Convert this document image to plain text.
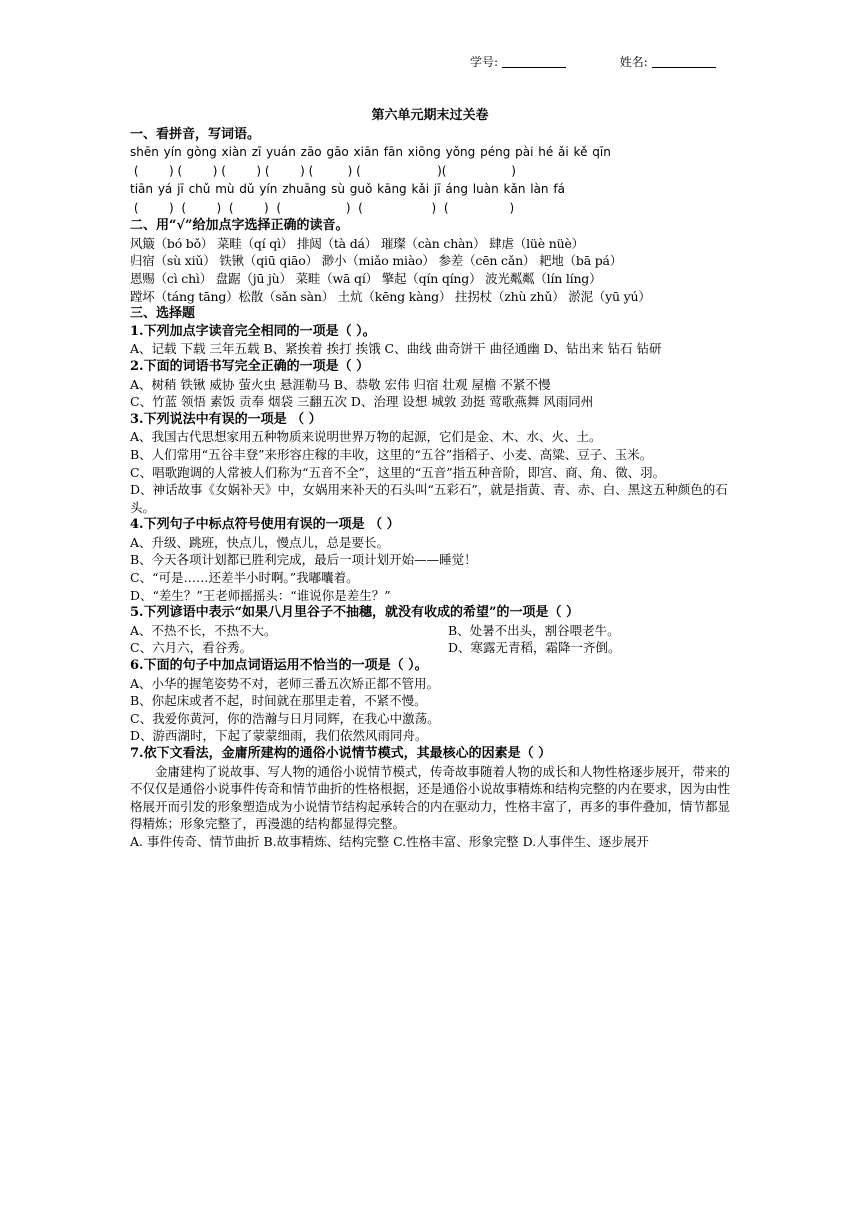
学号:	姓名:

第六单元期末过关卷

一、看拼音，写词语。

shēn yín gòng xiàn zī yuán zāo gāo xiān fān xiōng yǒng péng pài hé ǎi kě qīn

(        ) (        ) (        ) (        ) (         ) (                    )(                 )

tiān yá jī chǔ mù dǔ yín zhuāng sù guǒ kāng kǎi jī áng luàn kǎn làn fá

(        )  (        )  (        )  (                 )  (                  )  (                )

二、用“√”给加点字选择正确的读音。

风簸（bó bǒ） 菜畦（qí qì） 排闼（tà dá） 璀璨（càn chàn） 肆虐（lüè nüè）

归宿（sù xiǔ） 铁锹（qiū qiāo） 渺小（miǎo miào） 参差（cēn cǎn） 耙地（bā pá）

恩赐（cì chì） 盘踞（jū jù） 菜畦（wā qí） 擎起（qín qíng） 波光粼粼（lín líng）

蹚坏（táng tāng）松散（sǎn sàn） 土炕（kēng kàng） 拄拐杖（zhù zhǔ） 淤泥（yū yú）

三、选择题

1.下列加点字读音完全相同的一项是（ ）。

A、记载 下载 三年五载 B、紧挨着 挨打 挨饿 C、曲线 曲奇饼干 曲径通幽 D、钻出来 钻石 钻研

2.下面的词语书写完全正确的一项是（ ）

A、树稍 铁锹 威协 萤火虫 悬涯勒马 B、恭敬 宏伟 归宿 壮观 屋檐 不紧不慢

C、竹蓝 领悟 素饭 贡奉 烟袋 三翻五次 D、治理 设想 城敦 劲挺 莺歌燕舞 风雨同州

3.下列说法中有误的一项是 （ ）

A、我国古代思想家用五种物质来说明世界万物的起源，它们是金、木、水、火、土。

B、人们常用“五谷丰登”来形容庄稼的丰收，这里的“五谷”指稻子、小麦、高粱、豆子、玉米。

C、唱歌跑调的人常被人们称为“五音不全”，这里的“五音”指五种音阶，即宫、商、角、徵、羽。

D、神话故事《女娲补天》中，女娲用来补天的石头叫“五彩石”，就是指黄、青、赤、白、黑这五种颜色的石头。

4.下列句子中标点符号使用有误的一项是 （ ）

A、升级、跳班，快点儿，慢点儿，总是要长。

B、今天各项计划都已胜利完成，最后一项计划开始——睡觉！

C、“可是……还差半小时啊。”我嘟囔着。

D、“差生？”王老师摇摇头：“谁说你是差生？”

5.下列谚语中表示“如果八月里谷子不抽穗，就没有收成的希望”的一项是（ ）

A、不热不长，不热不大。	B、处暑不出头，割谷喂老牛。

C、六月六，看谷秀。	D、寒露无青稻，霜降一齐倒。

6.下面的句子中加点词语运用不恰当的一项是（ ）。

A、小华的握笔姿势不对，老师三番五次矫正都不管用。

B、你起床或者不起，时间就在那里走着，不紧不慢。

C、我爱你黄河，你的浩瀚与日月同辉，在我心中激荡。

D、游西湖时，下起了蒙蒙细雨，我们依然风雨同舟。

7.依下文看法，金庸所建构的通俗小说情节模式，其最核心的因素是（ ）

金庸建构了说故事、写人物的通俗小说情节模式，传奇故事随着人物的成长和人物性格逐步展开，带来的不仅仅是通俗小说事件传奇和情节曲折的性格根据，还是通俗小说故事精炼和结构完整的内在要求，因为由性格展开而引发的形象塑造成为小说情节结构起承转合的内在驱动力，性格丰富了，再多的事件叠加，情节都显得精炼；形象完整了，再漫漶的结构都显得完整。

A. 事件传奇、情节曲折 B.故事精炼、结构完整 C.性格丰富、形象完整 D.人事伴生、逐步展开
